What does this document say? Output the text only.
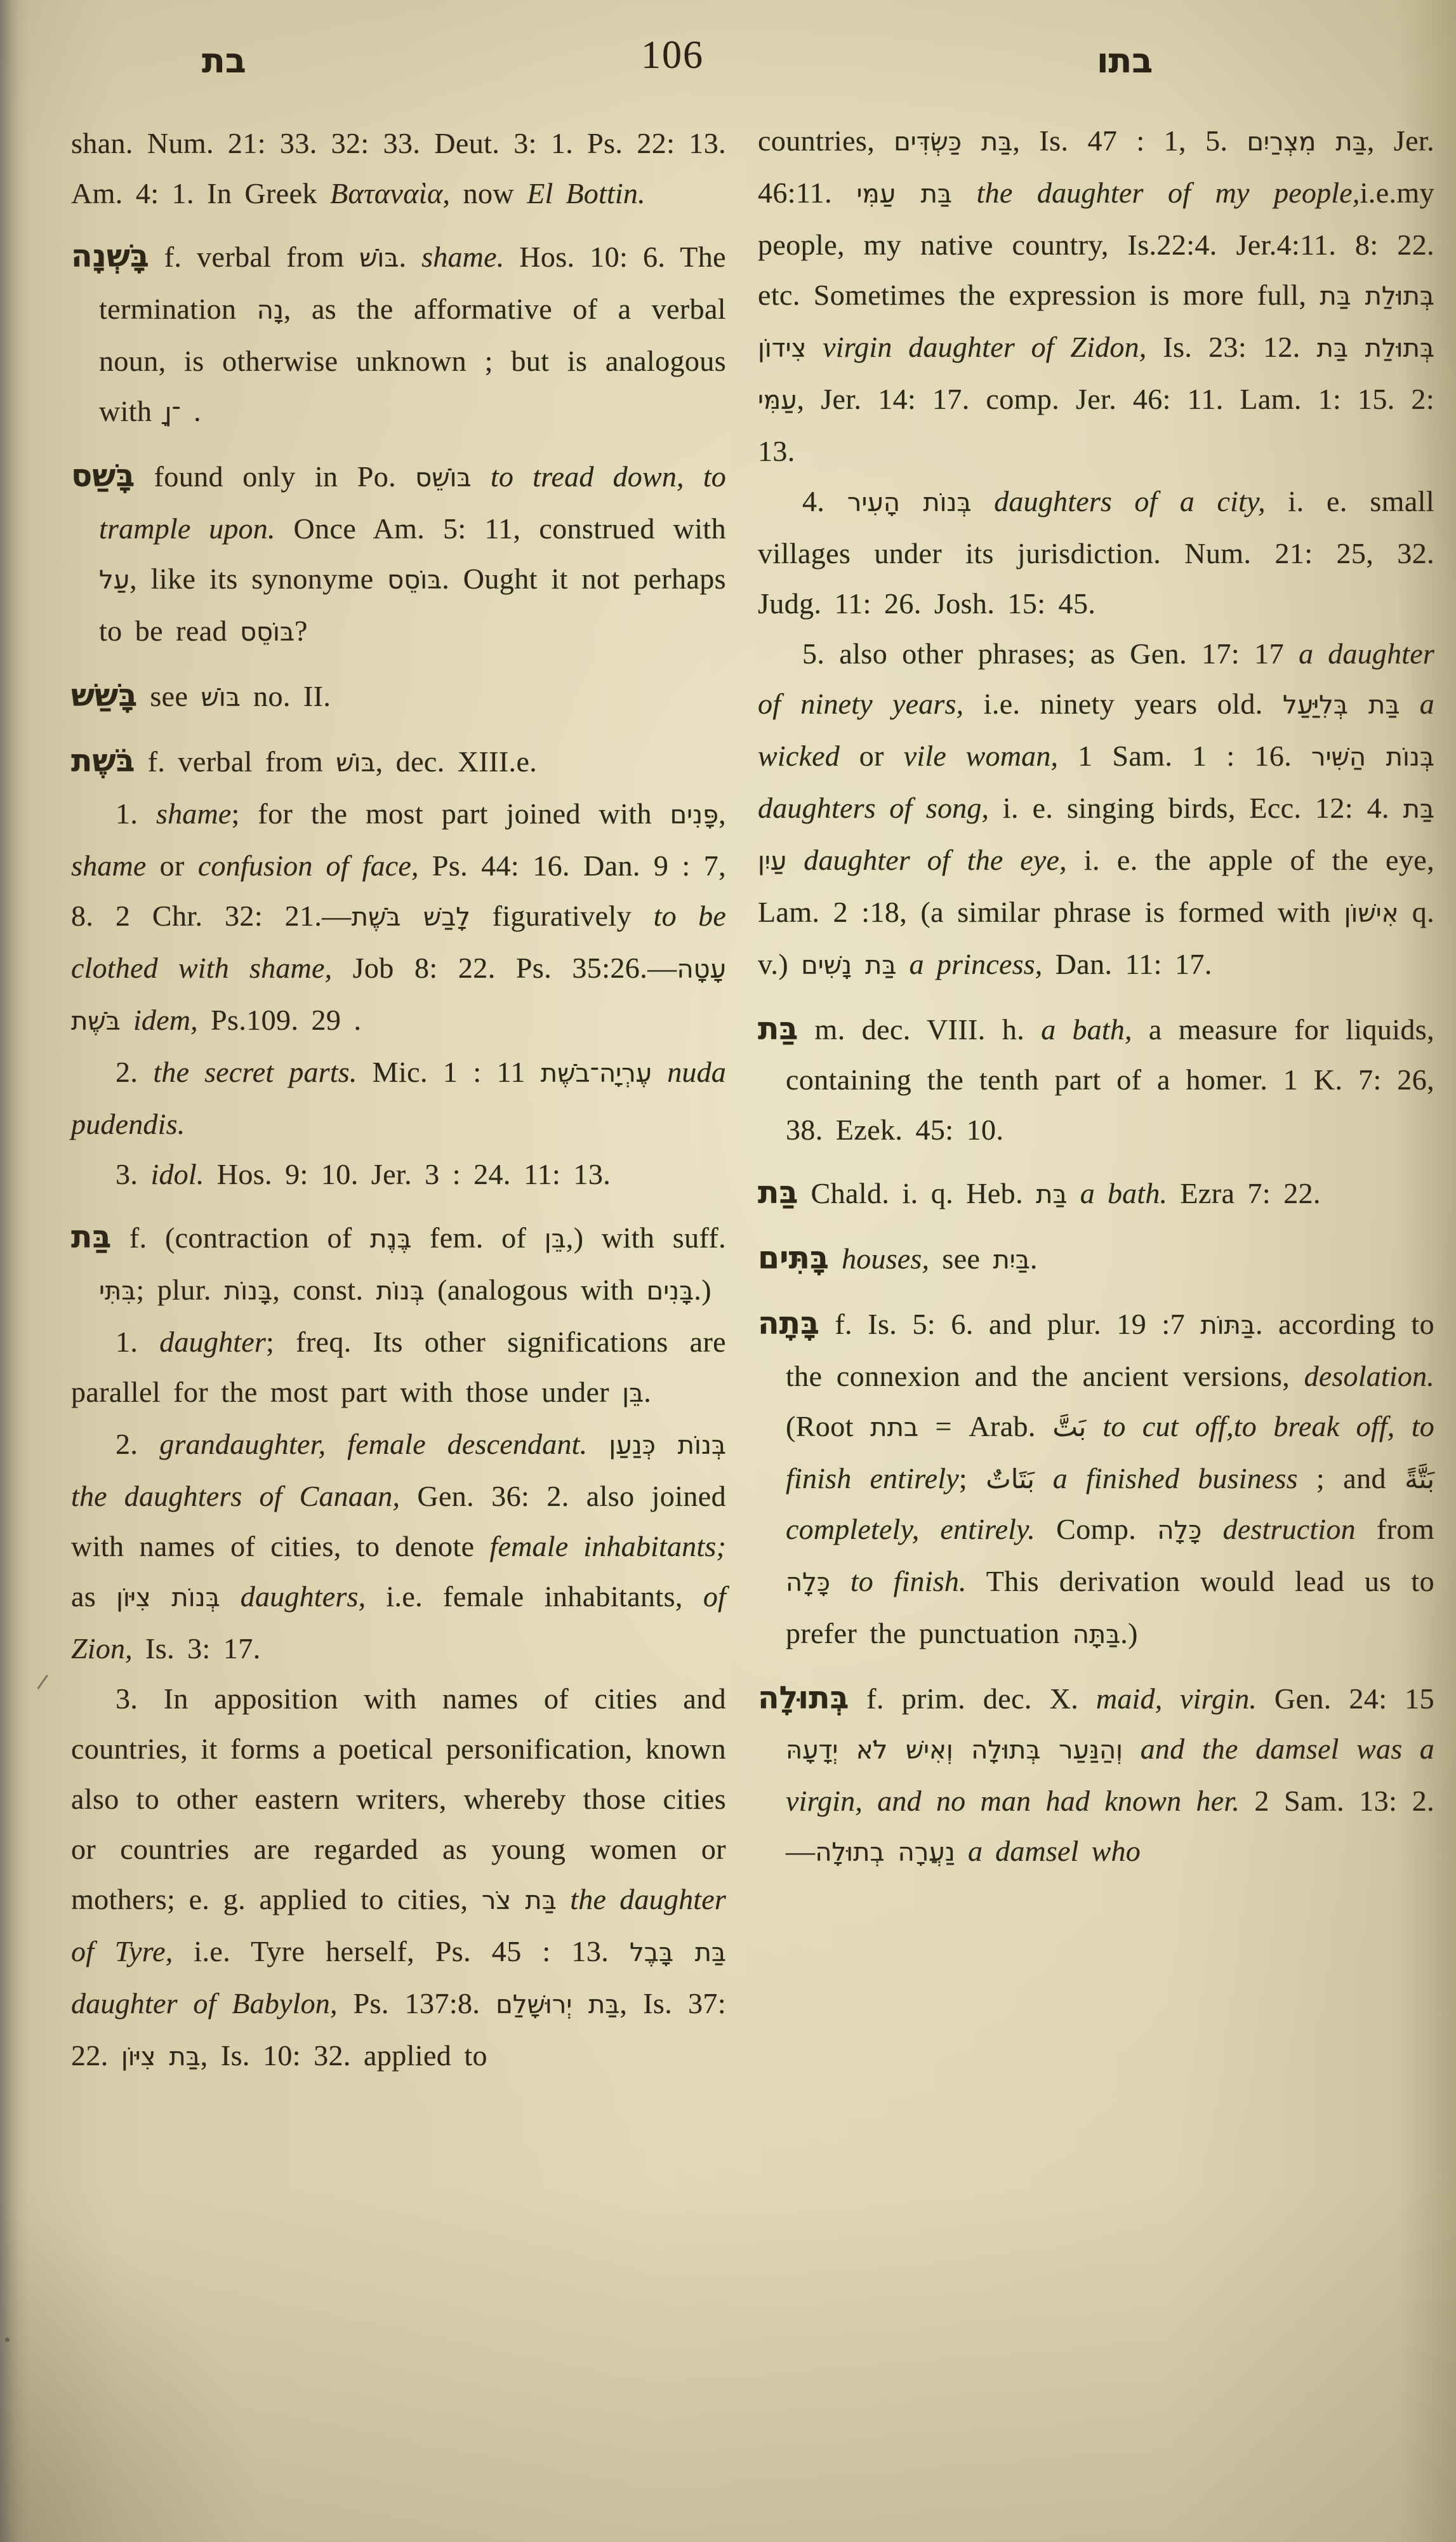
בת	106	בתו
shan. Num. 21: 33. 32: 33. Deut. 3: 1. Ps. 22: 13. Am. 4: 1. In Greek Βαταναὶα, now El Bottin.
בָּשְׁנָה f. verbal from בּוֹשׁ. shame. Hos. 10: 6. The termination נָה, as the afformative of a verbal noun, is otherwise unknown ; but is analogous with ־ןָ .
בָּשַׁס found only in Po. בּוֹשֵׁס to tread down, to trample upon. Once Am. 5: 11, construed with עַל, like its synonyme בּוֹסֵס. Ought it not perhaps to be read בּוֹסֵס?
בָּשַׁשׁ see בּוֹשׁ no. II.
בֹּשֶׁת f. verbal from בּוֹשׁ, dec. XIII.e.
1. shame; for the most part joined with פָּנִים, shame or confusion of face, Ps. 44: 16. Dan. 9 : 7, 8. 2 Chr. 32: 21.—לָבַשׁ בֹּשֶׁת figuratively to be clothed with shame, Job 8: 22. Ps. 35:26.—עָטָה בֹּשֶׁת idem, Ps.109. 29 .
2. the secret parts. Mic. 1 : 11 עֶרְיָה־בֹשֶׁת nuda pudendis.
3. idol. Hos. 9: 10. Jer. 3 : 24. 11: 13.
בַּת f. (contraction of בֶּנֶת fem. of בֵּן,) with suff. בִּתִּי; plur. בָּנוֹת, const. בְּנוֹת (analogous with בָּנִים.)
1. daughter; freq. Its other significations are parallel for the most part with those under בֵּן.
2. grandaughter, female descendant. בְּנוֹת כְּנַעַן the daughters of Canaan, Gen. 36: 2. also joined with names of cities, to denote female inhabitants; as בְּנוֹת צִיּוֹן daughters, i.e. female inhabitants, of Zion, Is. 3: 17.
3. In apposition with names of cities and countries, it forms a poetical personification, known also to other eastern writers, whereby those cities or countries are regarded as young women or mothers; e. g. applied to cities, בַּת צֹר the daughter of Tyre, i.e. Tyre herself, Ps. 45 : 13. בַּת בָּבֶל daughter of Babylon, Ps. 137:8. בַּת יְרוּשָׁלִַם, Is. 37: 22. בַּת צִיּוֹן, Is. 10: 32. applied to
countries, בַּת כַּשְׂדִּים, Is. 47 : 1, 5. בַּת מִצְרַיִם, Jer. 46:11. בַּת עַמִּי the daughter of my people,i.e.my people, my native country, Is.22:4. Jer.4:11. 8: 22. etc. Sometimes the expression is more full, בְּתוּלַת בַּת צִידוֹן virgin daughter of Zidon, Is. 23: 12. בְּתוּלַת בַּת עַמִּי, Jer. 14: 17. comp. Jer. 46: 11. Lam. 1: 15. 2: 13.
4. בְּנוֹת הָעִיר daughters of a city, i. e. small villages under its jurisdiction. Num. 21: 25, 32. Judg. 11: 26. Josh. 15: 45.
5. also other phrases; as Gen. 17: 17 a daughter of ninety years, i.e. ninety years old. בַּת בְּלִיַּעַל a wicked or vile woman, 1 Sam. 1 : 16. בְּנוֹת הַשִּׁיר daughters of song, i. e. singing birds, Ecc. 12: 4. בַּת עַיִן daughter of the eye, i. e. the apple of the eye, Lam. 2 :18, (a similar phrase is formed with אִישׁוֹן q. v.) בַּת נָשִׁים a princess, Dan. 11: 17.
בַּת m. dec. VIII. h. a bath, a measure for liquids, containing the tenth part of a homer. 1 K. 7: 26, 38. Ezek. 45: 10.
בַּת Chald. i. q. Heb. בַּת a bath. Ezra 7: 22.
בָּתִּים houses, see בַּיִת.
בָּתָה f. Is. 5: 6. and plur.	בַּתּוֹת 7: 19. according to the connexion and the ancient versions, desolation. (Root בתת = Arab. بَتَّ to cut off,to break off, to finish entirely; بَتَاتٌ a finished business ; and بَتَّةً completely, entirely. Comp. כָּלָה destruction from כָּלָה to finish. This derivation would lead us to prefer the punctuation בַּתָּה.)
בְּתוּלָה f. prim. dec. X. maid, virgin. Gen. 24: 15 וְהַנַּעַר בְּתוּלָה וְאִישׁ לֹא יְדָעָהּ and the damsel was a virgin, and no man had known her. 2 Sam. 13: 2.—נַעֲרָה בְתוּלָה a damsel who
